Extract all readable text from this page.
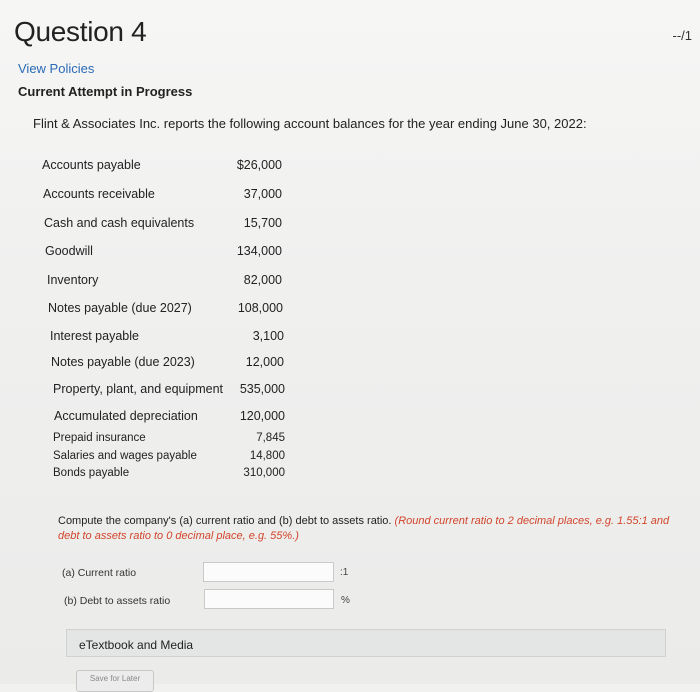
Question 4	--/1
View Policies
Current Attempt in Progress
Flint & Associates Inc. reports the following account balances for the year ending June 30, 2022:
Accounts payable	$26,000
Accounts receivable	37,000
Cash and cash equivalents	15,700
Goodwill	134,000
Inventory	82,000
Notes payable (due 2027)	108,000
Interest payable	3,100
Notes payable (due 2023)	12,000
Property, plant, and equipment 535,000
Accumulated depreciation	120,000
Prepaid insurance	7,845
Salaries and wages payable	14,800
Bonds payable	310,000
Compute the company's (a) current ratio and (b) debt to assets ratio. (Round current ratio to 2 decimal places, e.g. 1.55:1 and debt to assets ratio to 0 decimal place, e.g. 55%.)
(a) Current ratio	:1
(b) Debt to assets ratio	%
eTextbook and Media
Save for Later
